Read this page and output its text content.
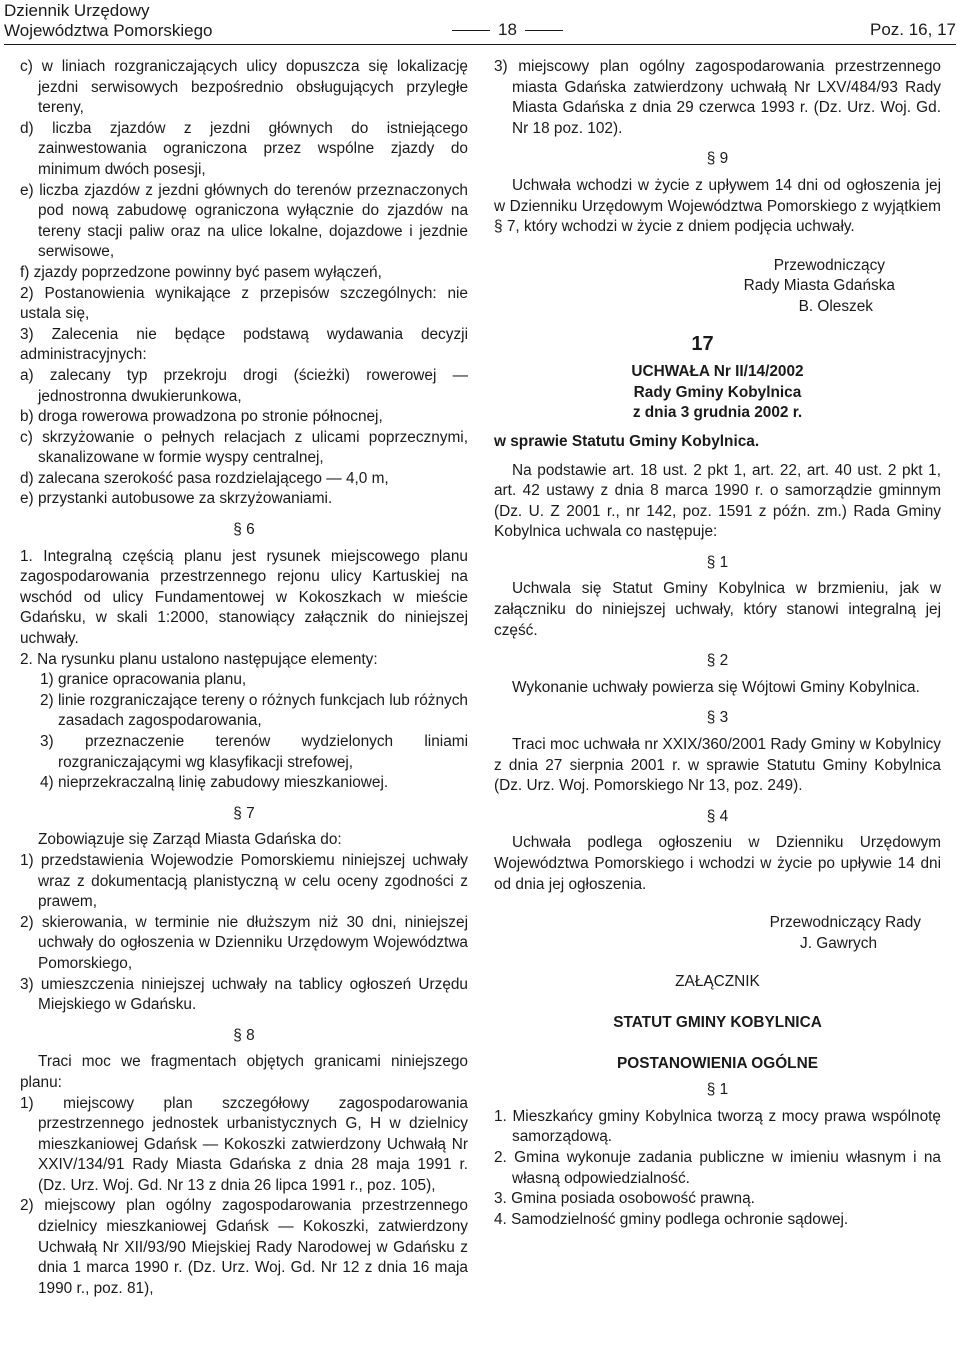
Dziennik Urzędowy
Województwa Pomorskiego	18	Poz. 16, 17

c) w liniach rozgraniczających ulicy dopuszcza się lokalizację jezdni serwisowych bezpośrednio obsługujących przyległe tereny,

d) liczba zjazdów z jezdni głównych do istniejącego zainwestowania ograniczona przez wspólne zjazdy do minimum dwóch posesji,

e) liczba zjazdów z jezdni głównych do terenów przeznaczonych pod nową zabudowę ograniczona wyłącznie do zjazdów na tereny stacji paliw oraz na ulice lokalne, dojazdowe i jezdnie serwisowe,

f) zjazdy poprzedzone powinny być pasem wyłączeń,

2) Postanowienia wynikające z przepisów szczególnych: nie ustala się,

3) Zalecenia nie będące podstawą wydawania decyzji administracyjnych:

a) zalecany typ przekroju drogi (ścieżki) rowerowej — jednostronna dwukierunkowa,

b) droga rowerowa prowadzona po stronie północnej,

c) skrzyżowanie o pełnych relacjach z ulicami poprzecznymi, skanalizowane w formie wyspy centralnej,

d) zalecana szerokość pasa rozdzielającego — 4,0 m,

e) przystanki autobusowe za skrzyżowaniami.

§ 6

1. Integralną częścią planu jest rysunek miejscowego planu zagospodarowania przestrzennego rejonu ulicy Kartuskiej na wschód od ulicy Fundamentowej w Kokoszkach w mieście Gdańsku, w skali 1:2000, stanowiący załącznik do niniejszej uchwały.

2. Na rysunku planu ustalono następujące elementy:

1) granice opracowania planu,

2) linie rozgraniczające tereny o różnych funkcjach lub różnych zasadach zagospodarowania,

3) przeznaczenie terenów wydzielonych liniami rozgraniczającymi wg klasyfikacji strefowej,

4) nieprzekraczalną linię zabudowy mieszkaniowej.

§ 7

Zobowiązuje się Zarząd Miasta Gdańska do:

1) przedstawienia Wojewodzie Pomorskiemu niniejszej uchwały wraz z dokumentacją planistyczną w celu oceny zgodności z prawem,

2) skierowania, w terminie nie dłuższym niż 30 dni, niniejszej uchwały do ogłoszenia w Dzienniku Urzędowym Województwa Pomorskiego,

3) umieszczenia niniejszej uchwały na tablicy ogłoszeń Urzędu Miejskiego w Gdańsku.

§ 8

Traci moc we fragmentach objętych granicami niniejszego planu:

1) miejscowy plan szczegółowy zagospodarowania przestrzennego jednostek urbanistycznych G, H w dzielnicy mieszkaniowej Gdańsk — Kokoszki zatwierdzony Uchwałą Nr XXIV/134/91 Rady Miasta Gdańska z dnia 28 maja 1991 r. (Dz. Urz. Woj. Gd. Nr 13 z dnia 26 lipca 1991 r., poz. 105),

2) miejscowy plan ogólny zagospodarowania przestrzennego dzielnicy mieszkaniowej Gdańsk — Kokoszki, zatwierdzony Uchwałą Nr XII/93/90 Miejskiej Rady Narodowej w Gdańsku z dnia 1 marca 1990 r. (Dz. Urz. Woj. Gd. Nr 12 z dnia 16 maja 1990 r., poz. 81),

3) miejscowy plan ogólny zagospodarowania przestrzennego miasta Gdańska zatwierdzony uchwałą Nr LXV/484/93 Rady Miasta Gdańska z dnia 29 czerwca 1993 r. (Dz. Urz. Woj. Gd. Nr 18 poz. 102).

§ 9

Uchwała wchodzi w życie z upływem 14 dni od ogłoszenia jej w Dzienniku Urzędowym Województwa Pomorskiego z wyjątkiem § 7, który wchodzi w życie z dniem podjęcia uchwały.

Przewodniczący

Rady Miasta Gdańska

B. Oleszek

17

UCHWAŁA Nr II/14/2002

Rady Gminy Kobylnica

z dnia 3 grudnia 2002 r.

w sprawie Statutu Gminy Kobylnica.

Na podstawie art. 18 ust. 2 pkt 1, art. 22, art. 40 ust. 2 pkt 1, art. 42 ustawy z dnia 8 marca 1990 r. o samorządzie gminnym (Dz. U. Z 2001 r., nr 142, poz. 1591 z późn. zm.) Rada Gminy Kobylnica uchwala co następuje:

§ 1

Uchwala się Statut Gminy Kobylnica w brzmieniu, jak w załączniku do niniejszej uchwały, który stanowi integralną jej część.

§ 2

Wykonanie uchwały powierza się Wójtowi Gminy Kobylnica.

§ 3

Traci moc uchwała nr XXIX/360/2001 Rady Gminy w Kobylnicy z dnia 27 sierpnia 2001 r. w sprawie Statutu Gminy Kobylnica (Dz. Urz. Woj. Pomorskiego Nr 13, poz. 249).

§ 4

Uchwała podlega ogłoszeniu w Dzienniku Urzędowym Województwa Pomorskiego i wchodzi w życie po upływie 14 dni od dnia jej ogłoszenia.

Przewodniczący Rady

J. Gawrych

ZAŁĄCZNIK

STATUT GMINY KOBYLNICA

POSTANOWIENIA OGÓLNE

§ 1

1. Mieszkańcy gminy Kobylnica tworzą z mocy prawa wspólnotę samorządową.

2. Gmina wykonuje zadania publiczne w imieniu własnym i na własną odpowiedzialność.

3. Gmina posiada osobowość prawną.

4. Samodzielność gminy podlega ochronie sądowej.
